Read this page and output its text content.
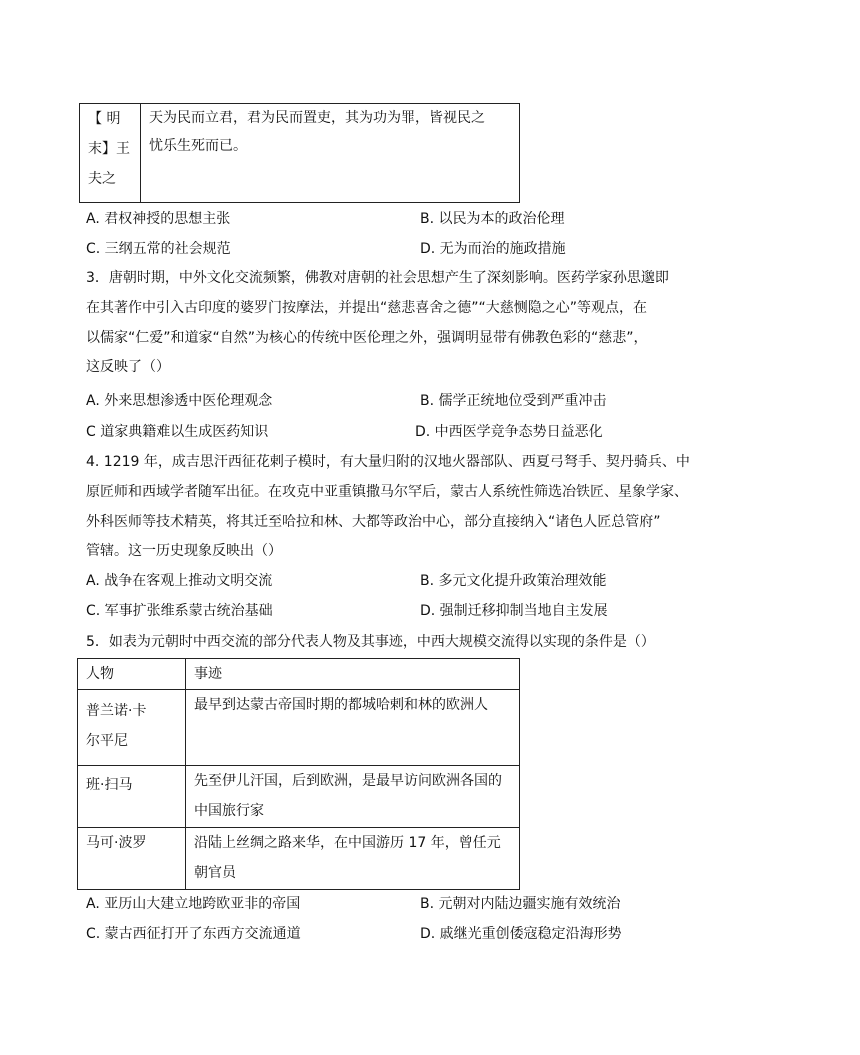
【 明
末】王
夫之

天为民而立君，君为民而置吏，其为功为罪，皆视民之
忧乐生死而已。
A. 君权神授的思想主张	B. 以民为本的政治伦理
C. 三纲五常的社会规范	D. 无为而治的施政措施
3．唐朝时期，中外文化交流频繁，佛教对唐朝的社会思想产生了深刻影响。医药学家孙思邈即
在其著作中引入古印度的婆罗门按摩法，并提出“慈悲喜舍之德”“大慈恻隐之心”等观点，在
以儒家“仁爱”和道家“自然”为核心的传统中医伦理之外，强调明显带有佛教色彩的“慈悲”，
这反映了（）
A. 外来思想渗透中医伦理观念	B. 儒学正统地位受到严重冲击
C 道家典籍难以生成医药知识	D. 中西医学竞争态势日益恶化
4. 1219 年，成吉思汗西征花剌子模时，有大量归附的汉地火器部队、西夏弓弩手、契丹骑兵、中
原匠师和西域学者随军出征。在攻克中亚重镇撒马尔罕后，蒙古人系统性筛选冶铁匠、星象学家、
外科医师等技术精英，将其迁至哈拉和林、大都等政治中心，部分直接纳入“诸色人匠总管府”
管辖。这一历史现象反映出（）
A. 战争在客观上推动文明交流	B. 多元文化提升政策治理效能
C. 军事扩张维系蒙古统治基础	D. 强制迁移抑制当地自主发展
5．如表为元朝时中西交流的部分代表人物及其事迹，中西大规模交流得以实现的条件是（）
人物	事迹

普兰诺·卡
尔平尼	最早到达蒙古帝国时期的都城哈剌和林的欧洲人

班·扫马	先至伊儿汗国，后到欧洲，是最早访问欧洲各国的
中国旅行家

马可·波罗	沿陆上丝绸之路来华，在中国游历 17 年，曾任元
朝官员
A. 亚历山大建立地跨欧亚非的帝国	B. 元朝对内陆边疆实施有效统治
C. 蒙古西征打开了东西方交流通道	D. 戚继光重创倭寇稳定沿海形势
